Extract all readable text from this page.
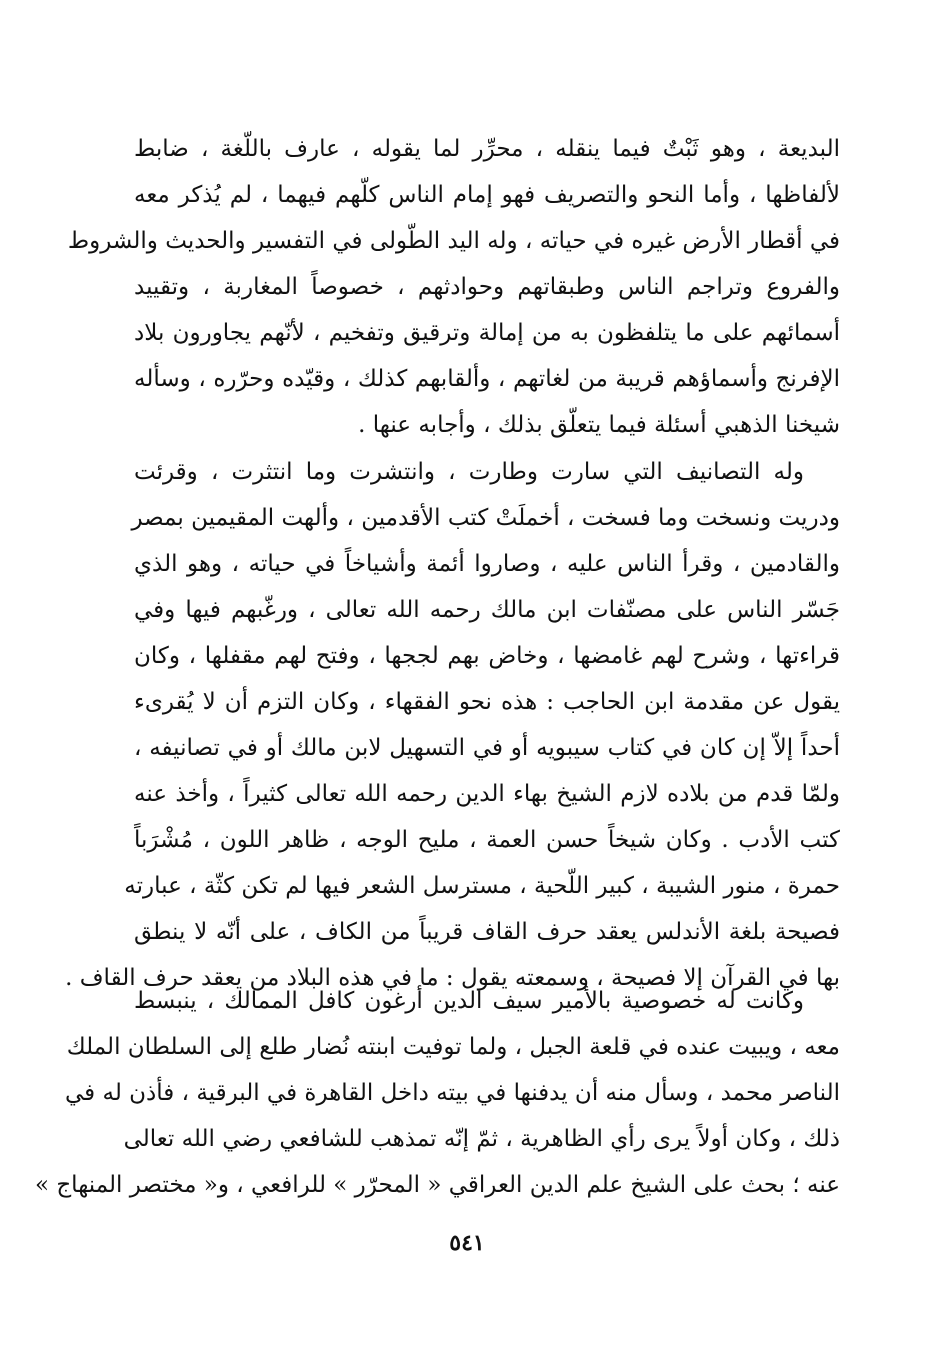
البديعة ، وهو ثَبْتٌ فيما ينقله ، محرِّر لما يقوله ، عارف باللّغة ، ضابط
لألفاظها ، وأما النحو والتصريف فهو إمام الناس كلّهم فيهما ، لم يُذكر معه
في أقطار الأرض غيره في حياته ، وله اليد الطّولى في التفسير والحديث والشروط
والفروع وتراجم الناس وطبقاتهم وحوادثهم ، خصوصاً المغاربة ، وتقييد
أسمائهم على ما يتلفظون به من إمالة وترقيق وتفخيم ، لأنّهم يجاورون بلاد
الإفرنج وأسماؤهم قريبة من لغاتهم ، وألقابهم كذلك ، وقيّده وحرّره ، وسأله
شيخنا الذهبي أسئلة فيما يتعلّق بذلك ، وأجابه عنها .
وله التصانيف التي سارت وطارت ، وانتشرت وما انتثرت ، وقرئت
ودريت ونسخت وما فسخت ، أخملَتْ كتب الأقدمين ، وألهت المقيمين بمصر
والقادمين ، وقرأ الناس عليه ، وصاروا أئمة وأشياخاً في حياته ، وهو الذي
جَسّر الناس على مصنّفات ابن مالك رحمه الله تعالى ، ورغّبهم فيها وفي
قراءتها ، وشرح لهم غامضها ، وخاض بهم لججها ، وفتح لهم مقفلها ، وكان
يقول عن مقدمة ابن الحاجب : هذه نحو الفقهاء ، وكان التزم أن لا يُقرىء
أحداً إلاّ إن كان في كتاب سيبويه أو في التسهيل لابن مالك أو في تصانيفه ،
ولمّا قدم من بلاده لازم الشيخ بهاء الدين رحمه الله تعالى كثيراً ، وأخذ عنه
كتب الأدب . وكان شيخاً حسن العمة ، مليح الوجه ، ظاهر اللون ، مُشْرَباً
حمرة ، منور الشيبة ، كبير اللّحية ، مسترسل الشعر فيها لم تكن كثّة ، عبارته
فصيحة بلغة الأندلس يعقد حرف القاف قريباً من الكاف ، على أنّه لا ينطق
بها في القرآن إلا فصيحة ، وسمعته يقول : ما في هذه البلاد من يعقد حرف القاف .
وكانت له خصوصية بالأمير سيف الدين أرغون كافل الممالك ، ينبسط
معه ، ويبيت عنده في قلعة الجبل ، ولما توفيت ابنته نُضار طلع إلى السلطان الملك
الناصر محمد ، وسأل منه أن يدفنها في بيته داخل القاهرة في البرقية ، فأذن له في
ذلك ، وكان أولاً يرى رأي الظاهرية ، ثمّ إنّه تمذهب للشافعي رضي الله تعالى
عنه ؛ بحث على الشيخ علم الدين العراقي « المحرّر » للرافعي ، و« مختصر المنهاج »
٥٤١
